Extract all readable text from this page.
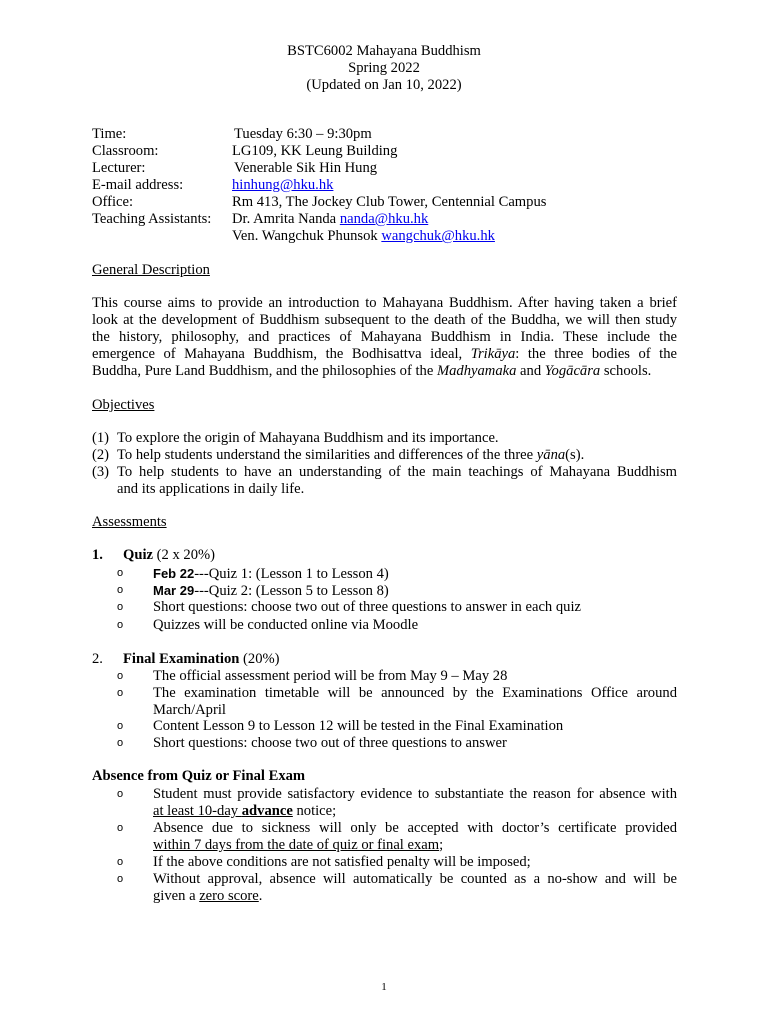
BSTC6002 Mahayana Buddhism
Spring 2022
(Updated on Jan 10, 2022)
Time:	Tuesday 6:30 – 9:30pm
Classroom:	LG109, KK Leung Building
Lecturer:	Venerable Sik Hin Hung
E-mail address:	hinhung@hku.hk
Office:	Rm 413, The Jockey Club Tower, Centennial Campus
Teaching Assistants: Dr. Amrita Nanda nanda@hku.hk
Ven. Wangchuk Phunsok wangchuk@hku.hk
General Description
This course aims to provide an introduction to Mahayana Buddhism. After having taken a brief
look at the development of Buddhism subsequent to the death of the Buddha, we will then study
the history, philosophy, and practices of Mahayana Buddhism in India. These include the
emergence of Mahayana Buddhism, the Bodhisattva ideal, Trikāya: the three bodies of the
Buddha, Pure Land Buddhism, and the philosophies of the Madhyamaka and Yogācāra schools.
Objectives
(1) To explore the origin of Mahayana Buddhism and its importance.
(2) To help students understand the similarities and differences of the three yāna(s).
(3) To help students to have an understanding of the main teachings of Mahayana Buddhism
and its applications in daily life.
Assessments
1. Quiz (2 x 20%)
o Feb 22---Quiz 1: (Lesson 1 to Lesson 4)
o Mar 29---Quiz 2: (Lesson 5 to Lesson 8)
o Short questions: choose two out of three questions to answer in each quiz
o Quizzes will be conducted online via Moodle
2. Final Examination (20%)
o The official assessment period will be from May 9 – May 28
o The examination timetable will be announced by the Examinations Office around
March/April
o Content Lesson 9 to Lesson 12 will be tested in the Final Examination
o Short questions: choose two out of three questions to answer
Absence from Quiz or Final Exam
o Student must provide satisfactory evidence to substantiate the reason for absence with
at least 10-day advance notice;
o Absence due to sickness will only be accepted with doctor’s certificate provided
within 7 days from the date of quiz or final exam;
o If the above conditions are not satisfied penalty will be imposed;
o Without approval, absence will automatically be counted as a no-show and will be
given a zero score.
1
